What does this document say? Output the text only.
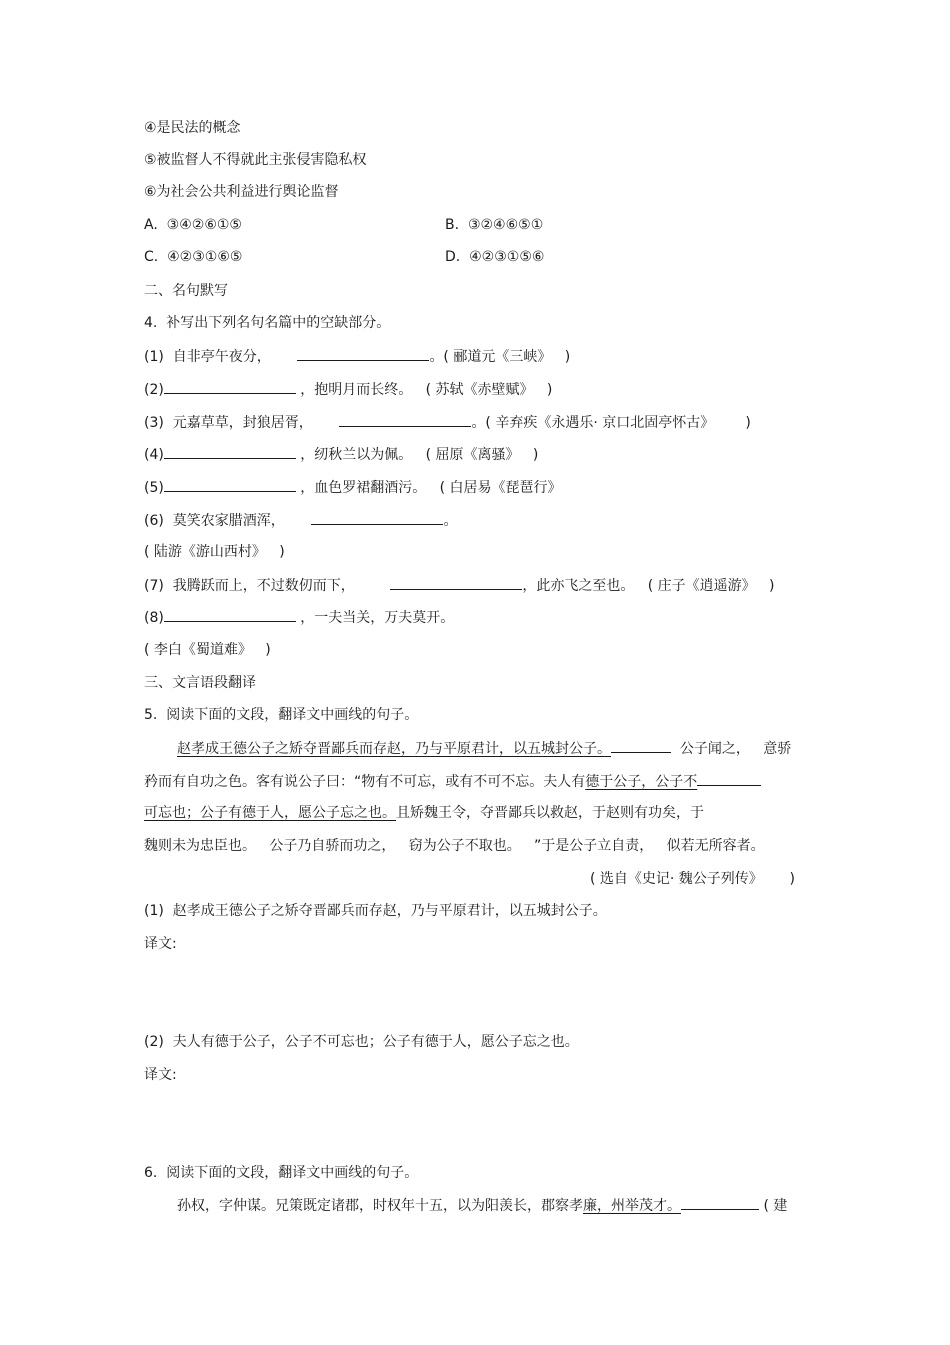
④是民法的概念
⑤被监督人不得就此主张侵害隐私权
⑥为社会公共利益进行舆论监督
A.  ③④②⑥①⑤	B.  ③②④⑥⑤①
C.  ④②③①⑥⑤	D.  ④②③①⑤⑥
二、名句默写
4.  补写出下列名句名篇中的空缺部分。
(1)  自非亭午夜分，	。( 郦道元《三峡》   )
(2)	，抱明月而长终。   ( 苏轼《赤壁赋》   )
(3)  元嘉草草，封狼居胥，	。( 辛弃疾《永遇乐· 京口北固亭怀古》       )
(4)	，纫秋兰以为佩。   ( 屈原《离骚》   )
(5)	，血色罗裙翻酒污。   ( 白居易《琵琶行》
(6)  莫笑农家腊酒浑，	。
( 陆游《游山西村》   )
(7)  我腾跃而上，不过数仞而下，	，此亦飞之至也。   ( 庄子《逍遥游》   )
(8)	，一夫当关，万夫莫开。
( 李白《蜀道难》   )
三、文言语段翻译
5.  阅读下面的文段，翻译文中画线的句子。
赵孝成王德公子之矫夺晋鄙兵而存赵，乃与平原君计，以五城封公子。	公子闻之，   意骄
矜而有自功之色。客有说公子曰：“物有不可忘，或有不可不忘。夫人有德于公子，公子不
可忘也；公子有德于人，愿公子忘之也。且矫魏王令，夺晋鄙兵以救赵，于赵则有功矣，于
魏则未为忠臣也。   公子乃自骄而功之，   窃为公子不取也。   ”于是公子立自责，   似若无所容者。
( 选自《史记· 魏公子列传》      )
(1)  赵孝成王德公子之矫夺晋鄙兵而存赵，乃与平原君计，以五城封公子。
译文:
(2)  夫人有德于公子，公子不可忘也；公子有德于人，愿公子忘之也。
译文:
6.  阅读下面的文段，翻译文中画线的句子。
孙权，字仲谋。兄策既定诸郡，时权年十五，以为阳羡长，郡察孝廉，州举茂才。	( 建
